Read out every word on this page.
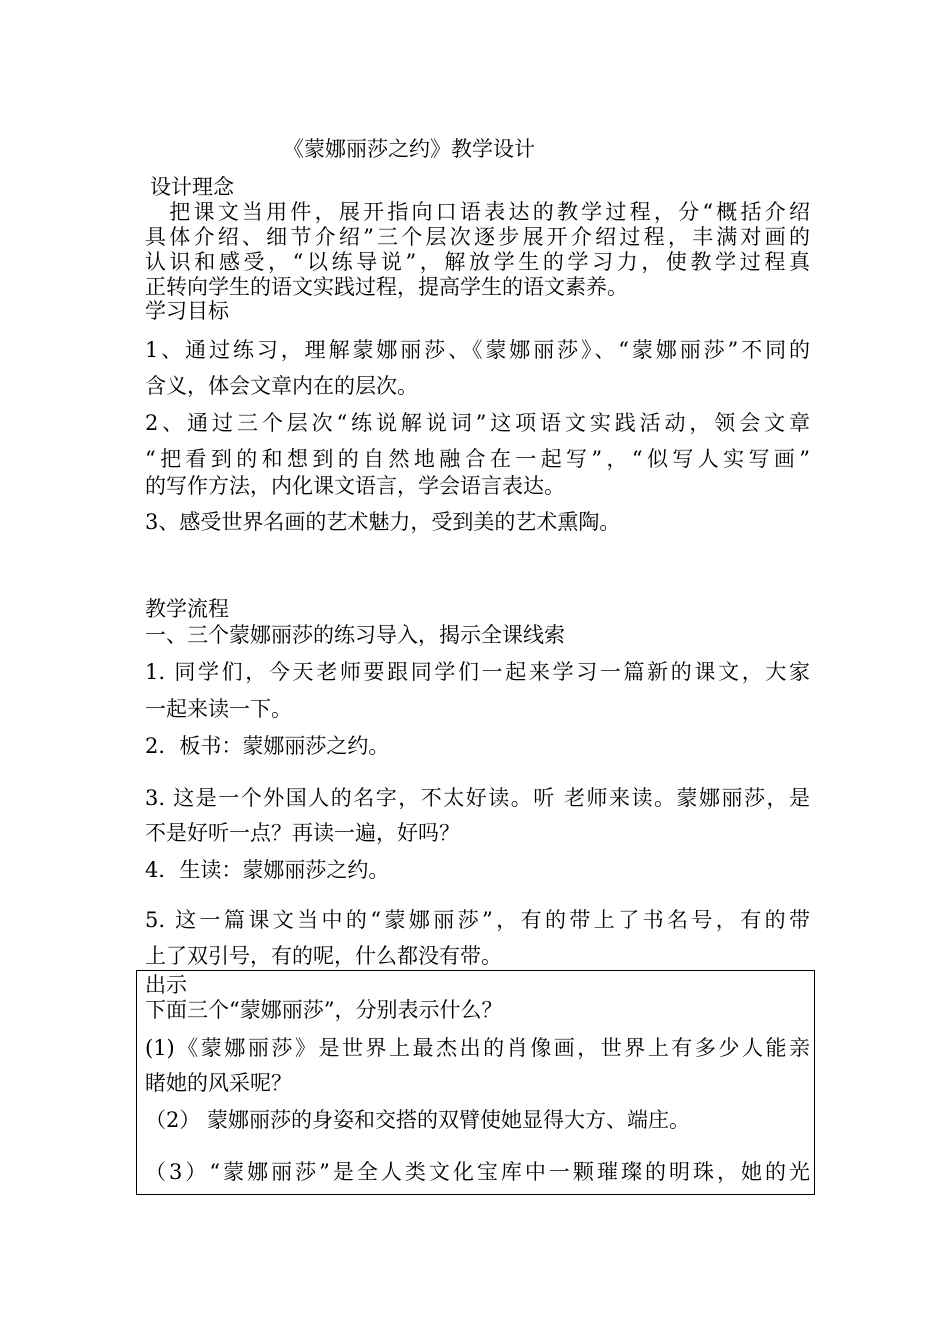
《蒙娜丽莎之约》教学设计
设计理念
　把课文当用件，展开指向口语表达的教学过程，分“概括介绍
具体介绍、细节介绍”三个层次逐步展开介绍过程，丰满对画的
认识和感受，“以练导说”，解放学生的学习力，使教学过程真
正转向学生的语文实践过程，提高学生的语文素养。
学习目标
1、通过练习，理解蒙娜丽莎、《蒙娜丽莎》、“蒙娜丽莎”不同的
含义，体会文章内在的层次。
2、通过三个层次“练说解说词”这项语文实践活动，领会文章
“把看到的和想到的自然地融合在一起写”，“似写人实写画”
的写作方法，内化课文语言，学会语言表达。
3、感受世界名画的艺术魅力，受到美的艺术熏陶。
教学流程
一、三个蒙娜丽莎的练习导入，揭示全课线索
1. 同学们，今天老师要跟同学们一起来学习一篇新的课文，大家
一起来读一下。
2．板书：蒙娜丽莎之约。
3. 这是一个外国人的名字，不太好读。听 老师来读。蒙娜丽莎，是
不是好听一点？再读一遍，好吗？
4．生读：蒙娜丽莎之约。
5. 这一篇课文当中的“蒙娜丽莎”，有的带上了书名号，有的带
上了双引号，有的呢，什么都没有带。
出示
下面三个“蒙娜丽莎”，分别表示什么？
(1)《蒙娜丽莎》是世界上最杰出的肖像画，世界上有多少人能亲
睹她的风采呢？
（2） 蒙娜丽莎的身姿和交搭的双臂使她显得大方、端庄。
（3）“蒙娜丽莎”是全人类文化宝库中一颗璀璨的明珠，她的光
